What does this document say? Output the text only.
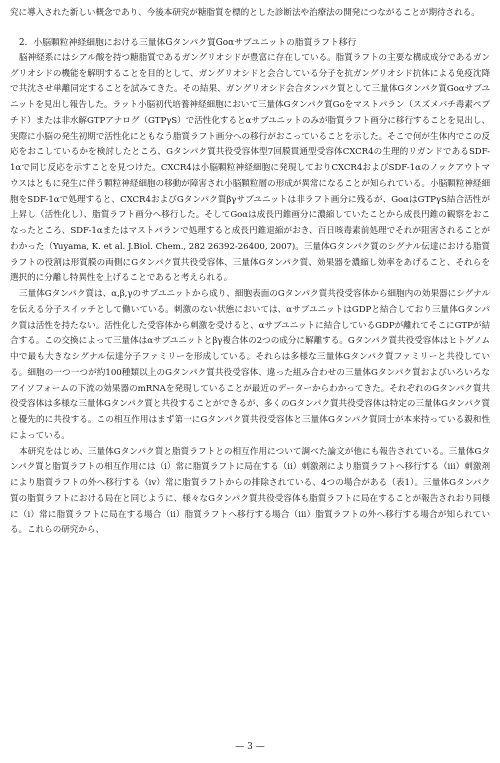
究に導入された新しい概念であり、今後本研究が糖脂質を標的とした診断法や治療法の開発につながることが期待される。

2．小脳顆粒神経細胞における三量体Gタンパク質Goαサブユニットの脂質ラフト移行

脳神経系にはシアル酸を持つ糖脂質であるガングリオシドが豊富に存在している。脂質ラフトの主要な構成成分であるガングリオシドの機能を解明することを目的として、ガングリオシドと会合している分子を抗ガングリオシド抗体による免疫沈降で共沈させ単離同定することを試みてきた。その結果、ガングリオシド会合タンパク質として三量体Gタンパク質Goαサブユニットを見出し報告した。ラット小脳初代培養神経細胞において三量体Gタンパク質Goをマストパラン（スズメバチ毒素ペプチド）または非水解GTPアナログ（GTPγS）で活性化するとαサブユニットのみが脂質ラフト画分に移行することを見出し、実際に小脳の発生初期で活性化にともなう脂質ラフト画分への移行がおこっていることを示した。そこで何が生体内でこの反応をおこしているかを検討したところ、Gタンパク質共役受容体型7回膜貫通型受容体CXCR4の生理的リガンドであるSDF-1αで同じ反応を示すことを見つけた。CXCR4は小脳顆粒神経細胞に発現しておりCXCR4およびSDF-1αのノックアウトマウスはともに発生に伴う顆粒神経細胞の移動が障害され小脳顆粒層の形成が異常になることが知られている。小脳顆粒神経細胞をSDF-1αで処理すると、CXCR4およびGタンパク質βγサブユニットは非ラフト画分に残るが、GoαはGTPγS結合活性が上昇し（活性化し）、脂質ラフト画分へ移行した。そしてGoαは成長円錐画分に濃縮していたことから成長円錐の観察をおこなったところ、SDF-1αまたはマストパランで処理すると成長円錐退縮がおき、百日咳毒素前処理でそれが阻害されることがわかった（Yuyama, K. et al. J.Biol. Chem., 282 26392-26400, 2007)。三量体Gタンパク質のシグナル伝達における脂質ラフトの役割は形質膜の両側にGタンパク質共役受容体、三量体Gタンパク質、効果器を濃縮し効率をあげること、それらを選択的に分離し特異性を上げることであると考えられる。

三量体Gタンパク質は、α,β,γのサブユニットから成り、細胞表面のGタンパク質共役受容体から細胞内の効果器にシグナルを伝える分子スイッチとして働いている。刺激のない状態においては、αサブユニットはGDPと結合しており三量体Gタンパク質は活性を持たない。活性化した受容体から刺激を受けると、αサブユニットに結合しているGDPが離れてそこにGTPが結合する。この交換によって三量体はαサブユニットとβγ複合体の2つの成分に解離する。Gタンパク質共役受容体はヒトゲノム中で最も大きなシグナル伝達分子ファミリーを形成している。それらは多様な三量体Gタンパク質ファミリーと共役している。細胞の一つ一つが約100種類以上のGタンパク質共役受容体、違った組み合わせの三量体Gタンパク質およびいろいろなアイソフォームの下流の効果器のmRNAを発現していることが最近のデーターからわかってきた。それぞれのGタンパク質共役受容体は多様な三量体Gタンパク質と共役することができるが、多くのGタンパク質共役受容体は特定の三量体Gタンパク質と優先的に共役する。この相互作用はまず第一にGタンパク質共役受容体と三量体Gタンパク質同士が本来持っている親和性によっている。

本研究をはじめ、三量体Gタンパク質と脂質ラフトとの相互作用について調べた論文が他にも報告されている。三量体Gタンパク質と脂質ラフトの相互作用には（i）常に脂質ラフトに局在する（ii）刺激剤により脂質ラフトへ移行する（iii）刺激剤により脂質ラフトの外へ移行する（iv）常に脂質ラフトからの排除されている、4つの場合がある（表1）。三量体Gタンパク質の脂質ラフトにおける局在と同じように、様々なGタンパク質共役受容体も脂質ラフトに局在することが報告されおり同様に（i）常に脂質ラフトに局在する場合（ii）脂質ラフトへ移行する場合（iii）脂質ラフトの外へ移行する場合が知られている。これらの研究から、

— 3 —
